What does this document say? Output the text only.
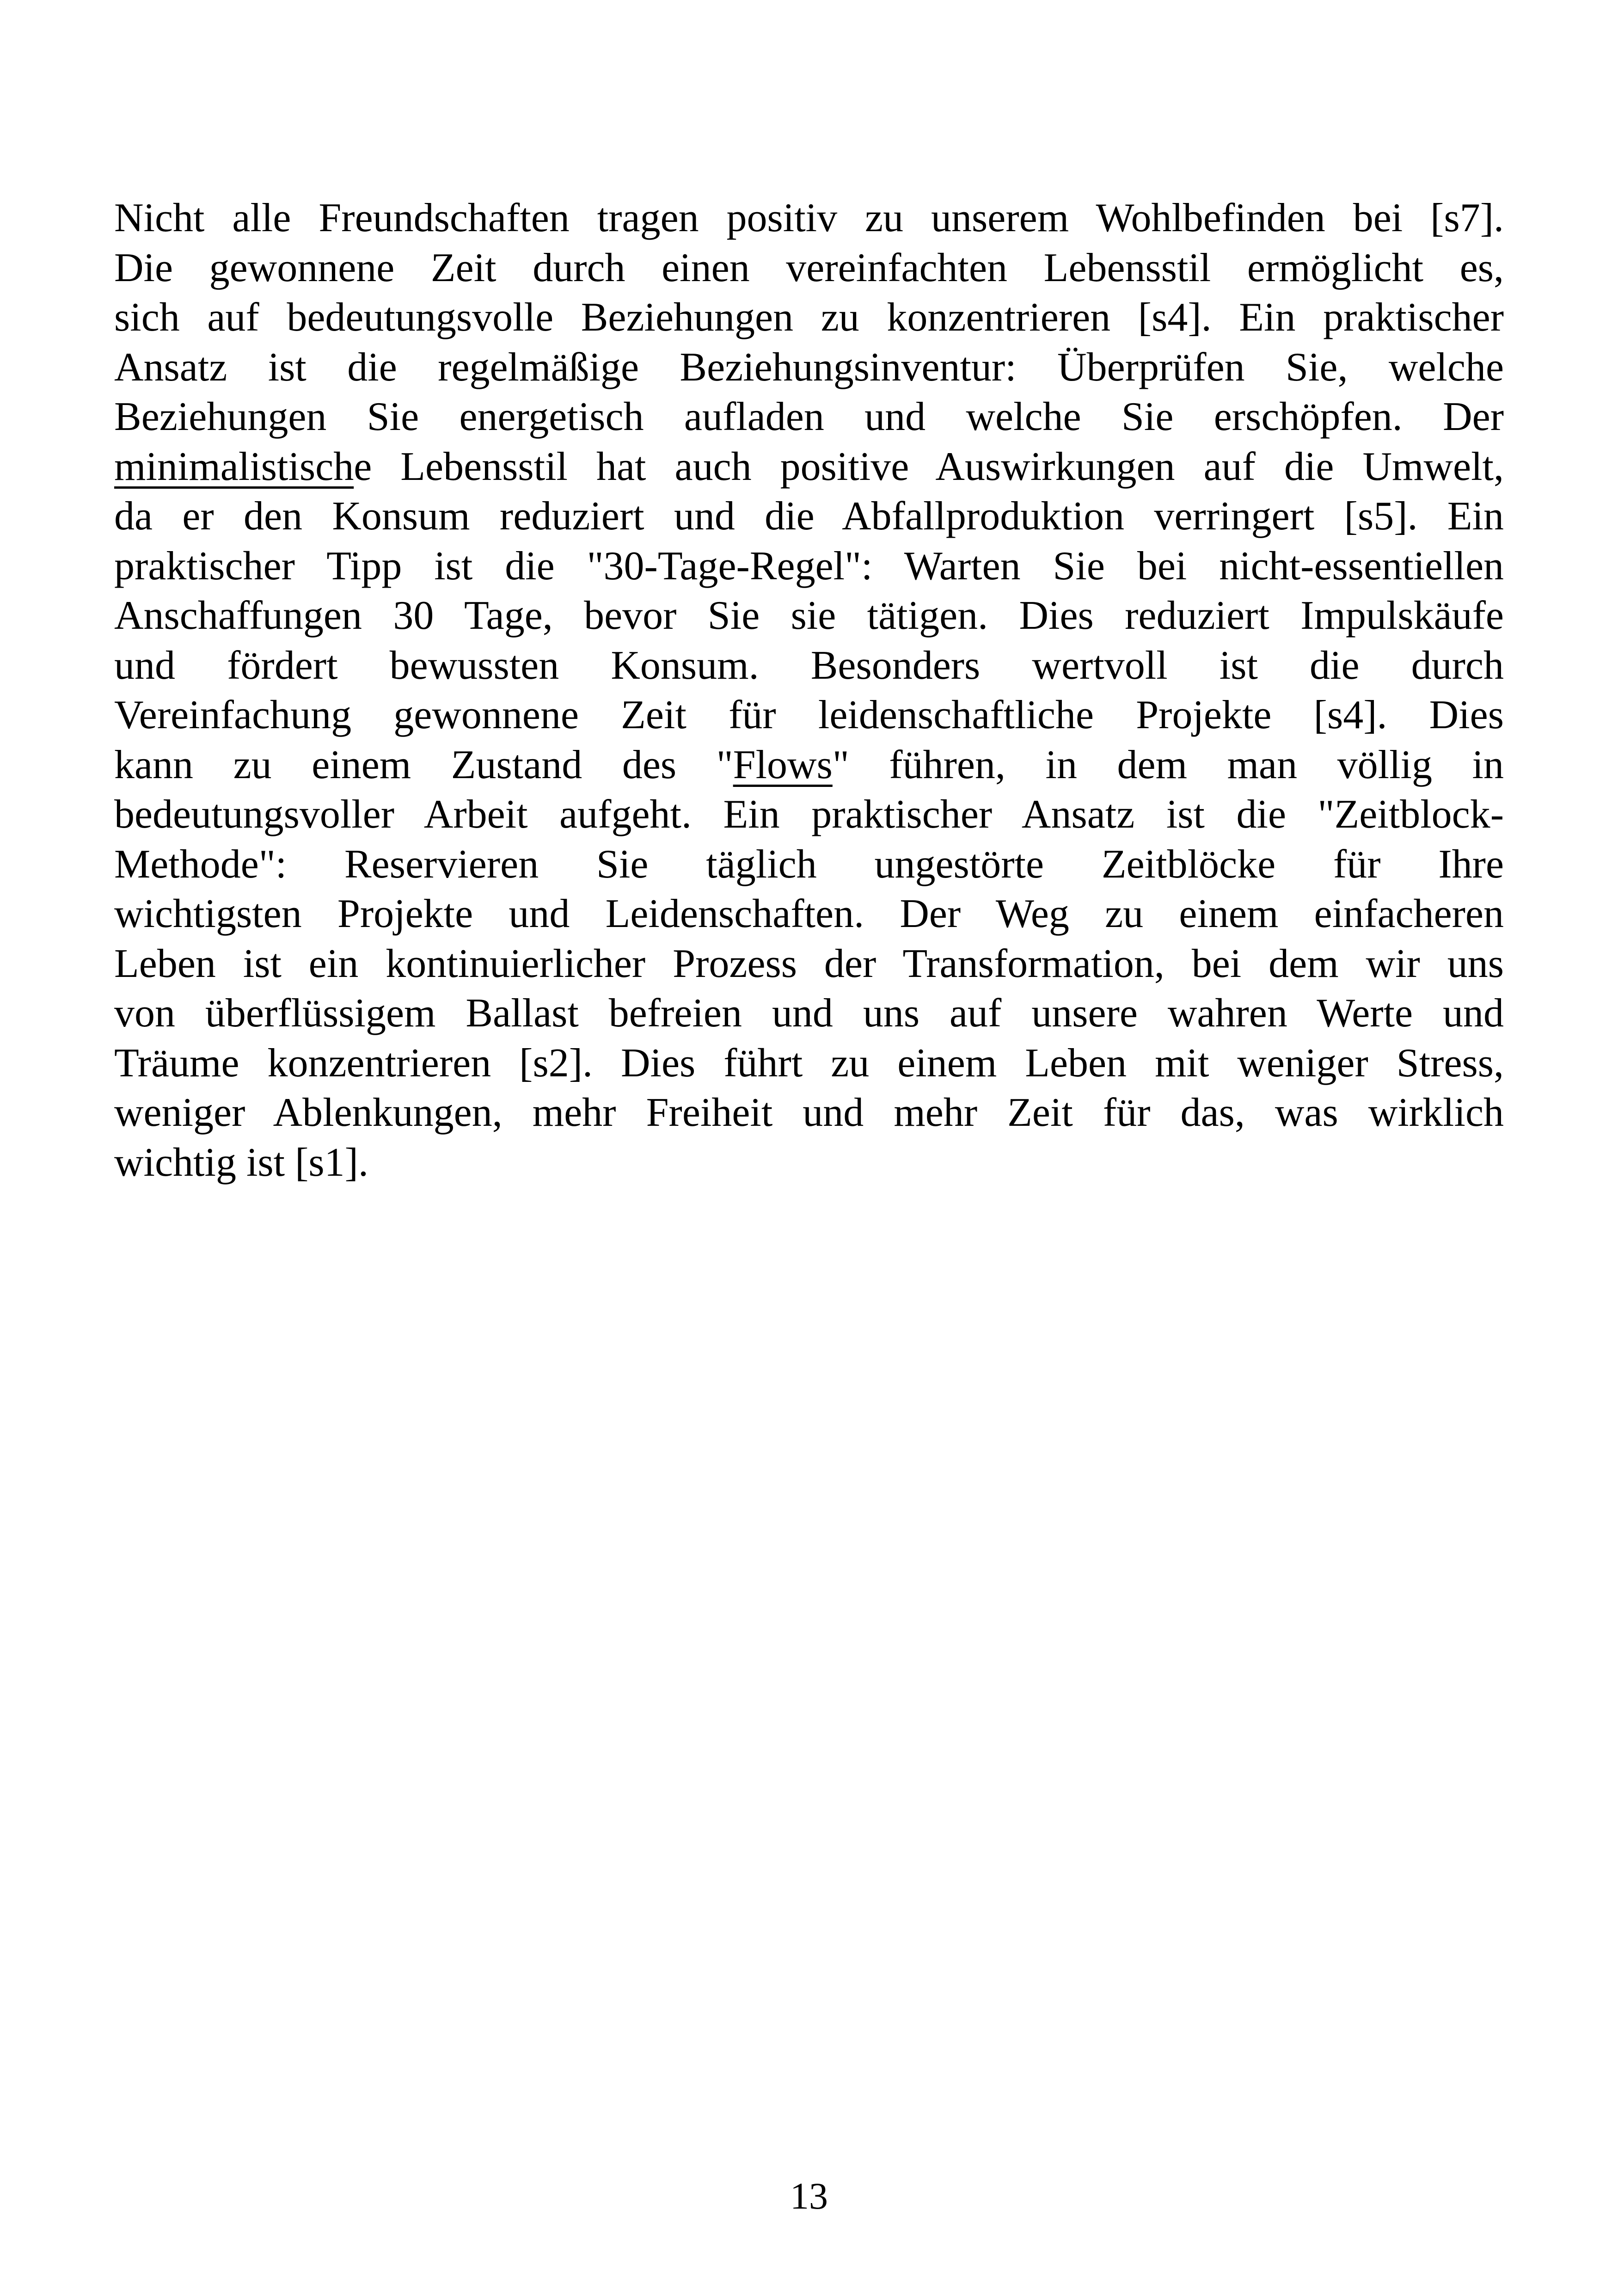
Nicht alle Freundschaften tragen positiv zu unserem Wohlbefinden bei [s7].
Die gewonnene Zeit durch einen vereinfachten Lebensstil ermöglicht es,
sich auf bedeutungsvolle Beziehungen zu konzentrieren [s4]. Ein praktischer
Ansatz ist die regelmäßige Beziehungsinventur: Überprüfen Sie, welche
Beziehungen Sie energetisch aufladen und welche Sie erschöpfen. Der
minimalistische Lebensstil hat auch positive Auswirkungen auf die Umwelt,
da er den Konsum reduziert und die Abfallproduktion verringert [s5]. Ein
praktischer Tipp ist die "30-Tage-Regel": Warten Sie bei nicht-essentiellen
Anschaffungen 30 Tage, bevor Sie sie tätigen. Dies reduziert Impulskäufe
und fördert bewussten Konsum. Besonders wertvoll ist die durch
Vereinfachung gewonnene Zeit für leidenschaftliche Projekte [s4]. Dies
kann zu einem Zustand des "Flows" führen, in dem man völlig in
bedeutungsvoller Arbeit aufgeht. Ein praktischer Ansatz ist die "Zeitblock-
Methode": Reservieren Sie täglich ungestörte Zeitblöcke für Ihre
wichtigsten Projekte und Leidenschaften. Der Weg zu einem einfacheren
Leben ist ein kontinuierlicher Prozess der Transformation, bei dem wir uns
von überflüssigem Ballast befreien und uns auf unsere wahren Werte und
Träume konzentrieren [s2]. Dies führt zu einem Leben mit weniger Stress,
weniger Ablenkungen, mehr Freiheit und mehr Zeit für das, was wirklich
wichtig ist [s1].
13
